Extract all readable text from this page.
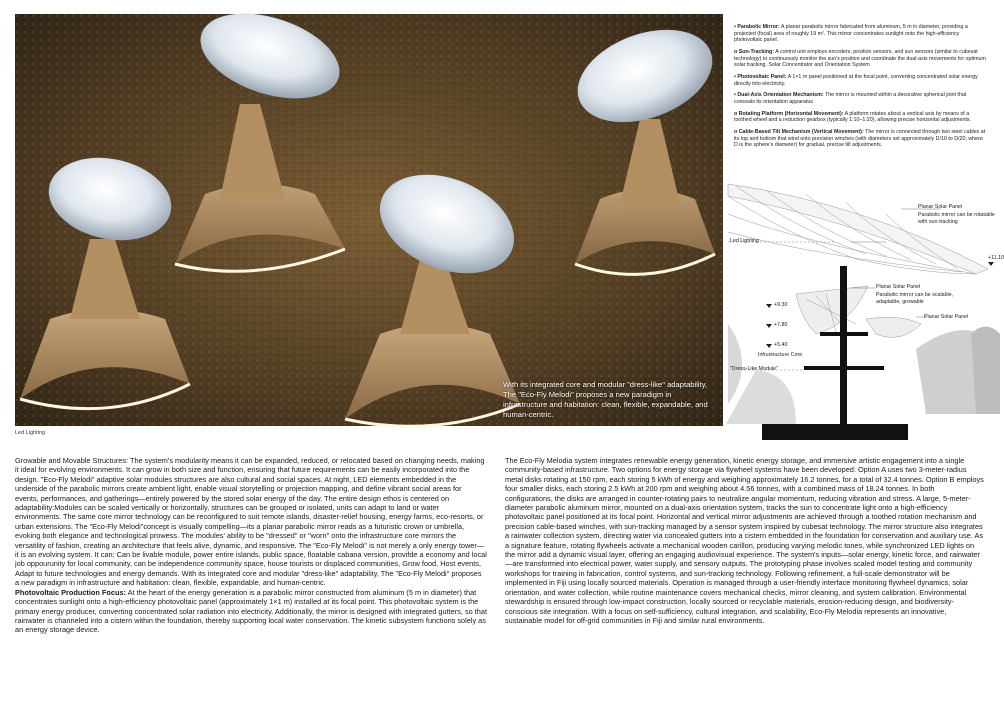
With its integrated core and modular "dress-like" adaptability, The "Eco-Fly Melodi" proposes a new paradigm in infrastructure and habitation: clean, flexible, expandable, and human-centric.
Led Lighting
• Parabolic Mirror: A planar parabolic mirror fabricated from aluminum, 5 m in diameter, providing a projected (focal) area of roughly 19 m². This mirror concentrates sunlight onto the high-efficiency photovoltaic panel.
o Sun-Tracking: A control unit employs encoders, position sensors, and sun sensors (similar to cubesat technology) to continuously monitor the sun's position and coordinate the dual-axis movements for optimum solar tracking. Solar Concentrator and Orientation System
• Photovoltaic Panel: A 1×1 m panel positioned at the focal point, converting concentrated solar energy directly into electricity.
• Dual-Axis Orientation Mechanism: The mirror is mounted within a decorative spherical joint that conceals its orientation apparatus
o Rotating Platform (Horizontal Movement): A platform rotates about a vertical axis by means of a toothed wheel and a reduction gearbox (typically 1:10–1:20), allowing precise horizontal adjustments.
o Cable-Based Tilt Mechanism (Vertical Movement): The mirror is connected through two steel cables at its top and bottom that wind onto precision winches (with diameters set approximately D/10 to D/20, where D is the sphere's diameter) for gradual, precise tilt adjustments.
Planar Solar Panel
Parabolic mirror can be rotatable with sun-tracking
Led Lighting
Planar Solar Panel
Parabolic mirror can be scalable, adaptable, growable
Planar Solar Panel
+9.30
+7.80
+5.40
+11.10
Infrustructure Core
"Dress-Like Module"

Growable and Movable Structures: The system's modularity means it can be expanded, reduced, or relocated based on changing needs, making it ideal for evolving environments. It can grow in both size and function, ensuring that future requirements can be easily incorporated into the design. "Eco-Fly Melodi" adaptive solar modules structures are also cultural and social spaces. At night, LED elements embedded in the underside of the parabolic mirrors create ambient light, enable visual storytelling or projection mapping, and define vibrant social areas for events, performances, and gatherings—entirely powered by the stored solar energy of the day. The entire design ethos is centered on adaptability:Modules can be scaled vertically or horizontally, structures can be grouped or isolated, units can adapt to land or water environments. The same core mirror technology can be reconfigured to suit remote islands, disaster-relief housing, energy farms, eco-resorts, or urban extensions. The "Eco-Fly Melodi"concept is visually compelling—its a planar parabolic mirror reads as a futuristic crown or umbrella, evoking both elegance and technological prowess. The modules' ability to be "dressed" or "worn" onto the infrastructure core mirrors the versatility of fashion, creating an architecture that feels alive, dynamic, and responsive. The "Eco-Fly Melodi" is not merely a only energy tower—it is an evolving system. It can: Can be livable module, power entire islands, public space, floatable cabana version, provifde a economy and local job oppourunity for local community, can be independence community space, house tourists or displaced communities, Grow food, Host events, Adapt to future technologies and energy demands. With its integrated core and modular "dress-like" adaptability, The "Eco-Fly Melodi" proposes a new paradigm in infrastructure and habitation: clean, flexible, expandable, and human-centric.

Photovoltaic Production Focus: At the heart of the energy generation is a parabolic mirror constructed from aluminum (5 m in diameter) that concentrates sunlight onto a high-efficiency photovoltaic panel (approximately 1×1 m) installed at its focal point. This photovoltaic system is the primary energy producer, converting concentrated solar radiation into electricity. Additionally, the mirror is designed with integrated gutters, so that rainwater is channeled into a cistern within the foundation, thereby supporting local water conservation. The kinetic subsystem functions solely as an energy storage device.

The Eco-Fly Melodia system integrates renewable energy generation, kinetic energy storage, and immersive artistic engagement into a single community-based infrastructure. Two options for energy storage via flywheel systems have been developed: Option A uses two 3-meter-radius metal disks rotating at 150 rpm, each storing 5 kWh of energy and weighing approximately 16.2 tonnes, for a total of 32.4 tonnes. Option B employs four smaller disks, each storing 2.5 kWh at 200 rpm and weighing about 4.56 tonnes, with a combined mass of 18.24 tonnes. In both configurations, the disks are arranged in counter-rotating pairs to neutralize angular momentum, reducing vibration and stress. A large, 5-meter-diameter parabolic aluminum mirror, mounted on a dual-axis orientation system, tracks the sun to concentrate light onto a high-efficiency photovoltaic panel positioned at its focal point. Horizontal and vertical mirror adjustments are achieved through a toothed rotation mechanism and precision cable-based winches, with sun-tracking managed by a sensor system inspired by cubesat technology. The mirror structure also integrates a rainwater collection system, directing water via concealed gutters into a cistern embedded in the foundation for conservation and auxiliary use. As a signature feature, rotating flywheels activate a mechanical wooden carillon, producing varying melodic tones, while synchronized LED lights on the mirror add a dynamic visual layer, offering an engaging audiovisual experience. The system's inputs—solar energy, kinetic force, and rainwater—are transformed into electrical power, water supply, and sensory outputs. The prototyping phase involves scaled model testing and community workshops for training in fabrication, control systems, and sun-tracking technology. Following refinement, a full-scale demonstrator will be implemented in Fiji using locally sourced materials. Operation is managed through a user-friendly interface monitoring flywheel dynamics, solar orientation, and water collection, while routine maintenance covers mechanical checks, mirror cleaning, and system calibration. Environmental stewardship is ensured through low-impact construction, locally sourced or recyclable materials, erosion-reducing design, and biodiversity-conscious site integration. With a focus on self-sufficiency, cultural integration, and scalability, Eco-Fly Melodia represents an innovative, sustainable model for off-grid communities in Fiji and similar rural environments.
